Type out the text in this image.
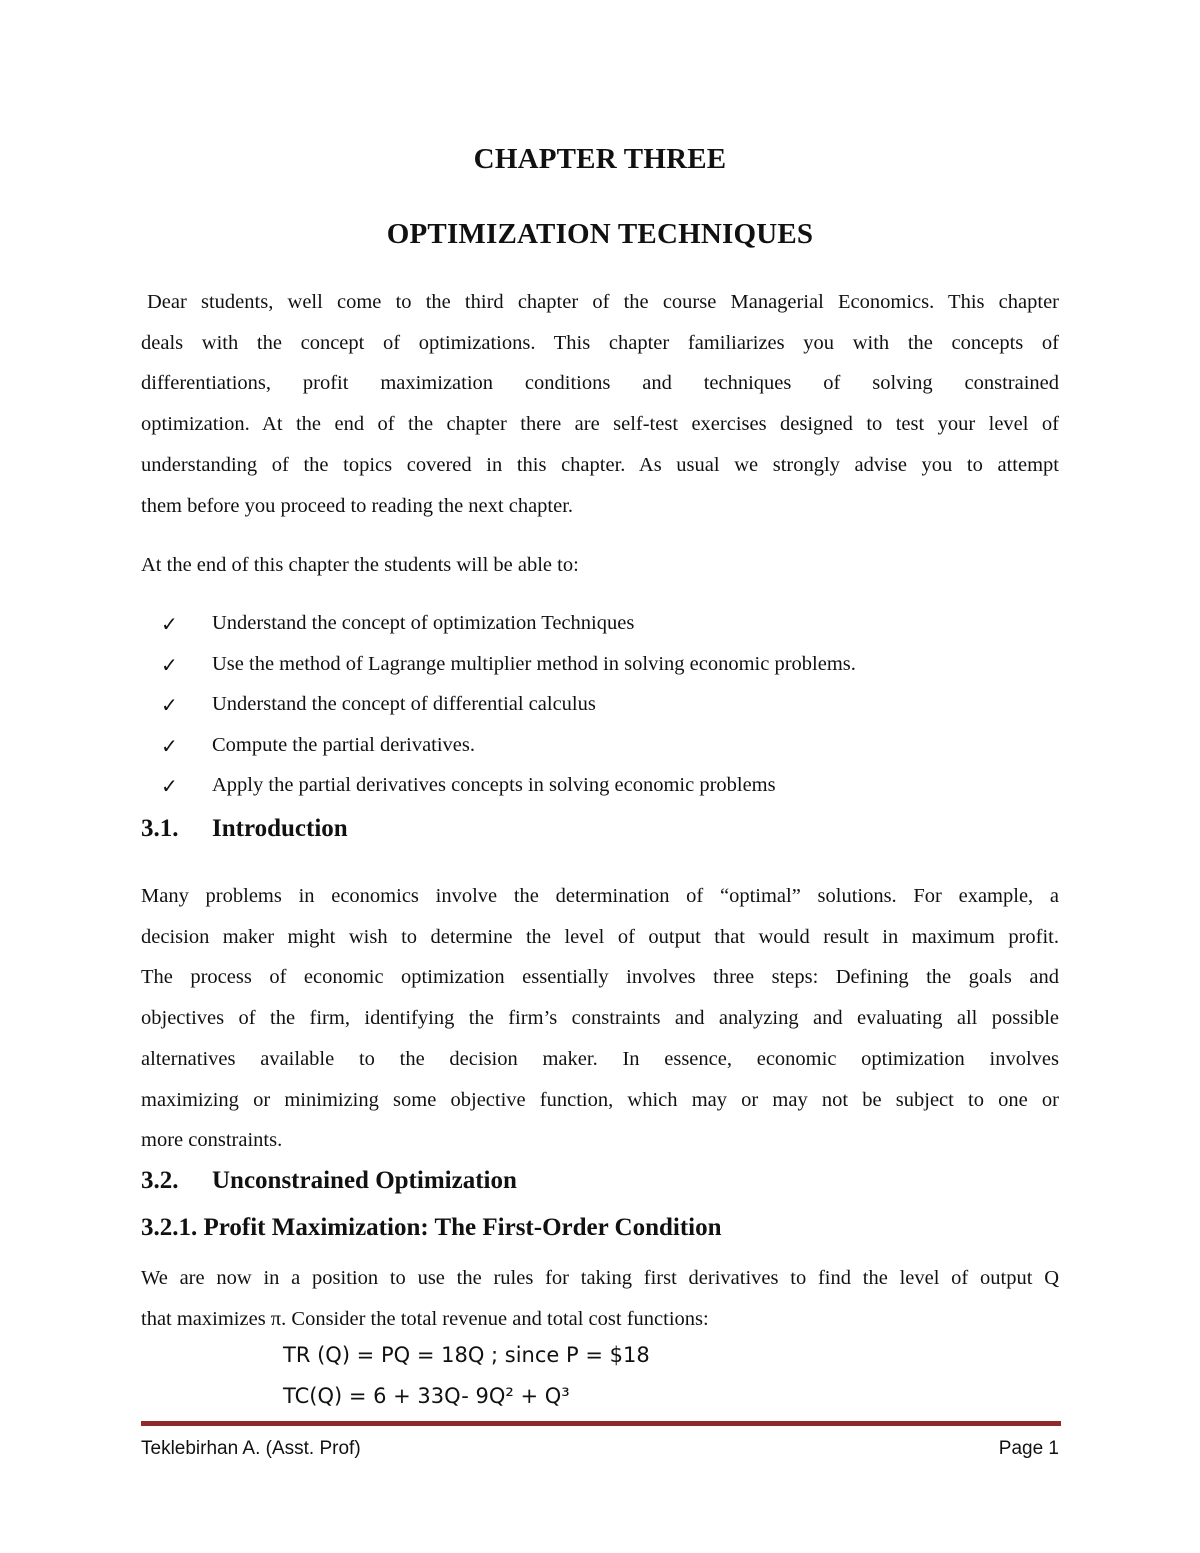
CHAPTER THREE
OPTIMIZATION TECHNIQUES
Dear students, well come to the third chapter of the course Managerial Economics. This chapter
deals with the concept of optimizations. This chapter familiarizes you with the concepts of
differentiations, profit maximization conditions and techniques of solving constrained
optimization. At the end of the chapter there are self-test exercises designed to test your level of
understanding of the topics covered in this chapter. As usual we strongly advise you to attempt
them before you proceed to reading the next chapter.
At the end of this chapter the students will be able to:
✓ Understand the concept of optimization Techniques
✓ Use the method of Lagrange multiplier method in solving economic problems.
✓ Understand the concept of differential calculus
✓ Compute the partial derivatives.
✓ Apply the partial derivatives concepts in solving economic problems
3.1. Introduction
Many problems in economics involve the determination of “optimal” solutions. For example, a
decision maker might wish to determine the level of output that would result in maximum profit.
The process of economic optimization essentially involves three steps: Defining the goals and
objectives of the firm, identifying the firm’s constraints and analyzing and evaluating all possible
alternatives available to the decision maker. In essence, economic optimization involves
maximizing or minimizing some objective function, which may or may not be subject to one or
more constraints.
3.2. Unconstrained Optimization
3.2.1. Profit Maximization: The First-Order Condition
We are now in a position to use the rules for taking first derivatives to find the level of output Q
that maximizes π. Consider the total revenue and total cost functions:
TR (Q) = PQ = 18Q ; since P = $18
TC(Q) = 6 + 33Q- 9Q² + Q³
Teklebirhan A. (Asst. Prof)	Page 1
